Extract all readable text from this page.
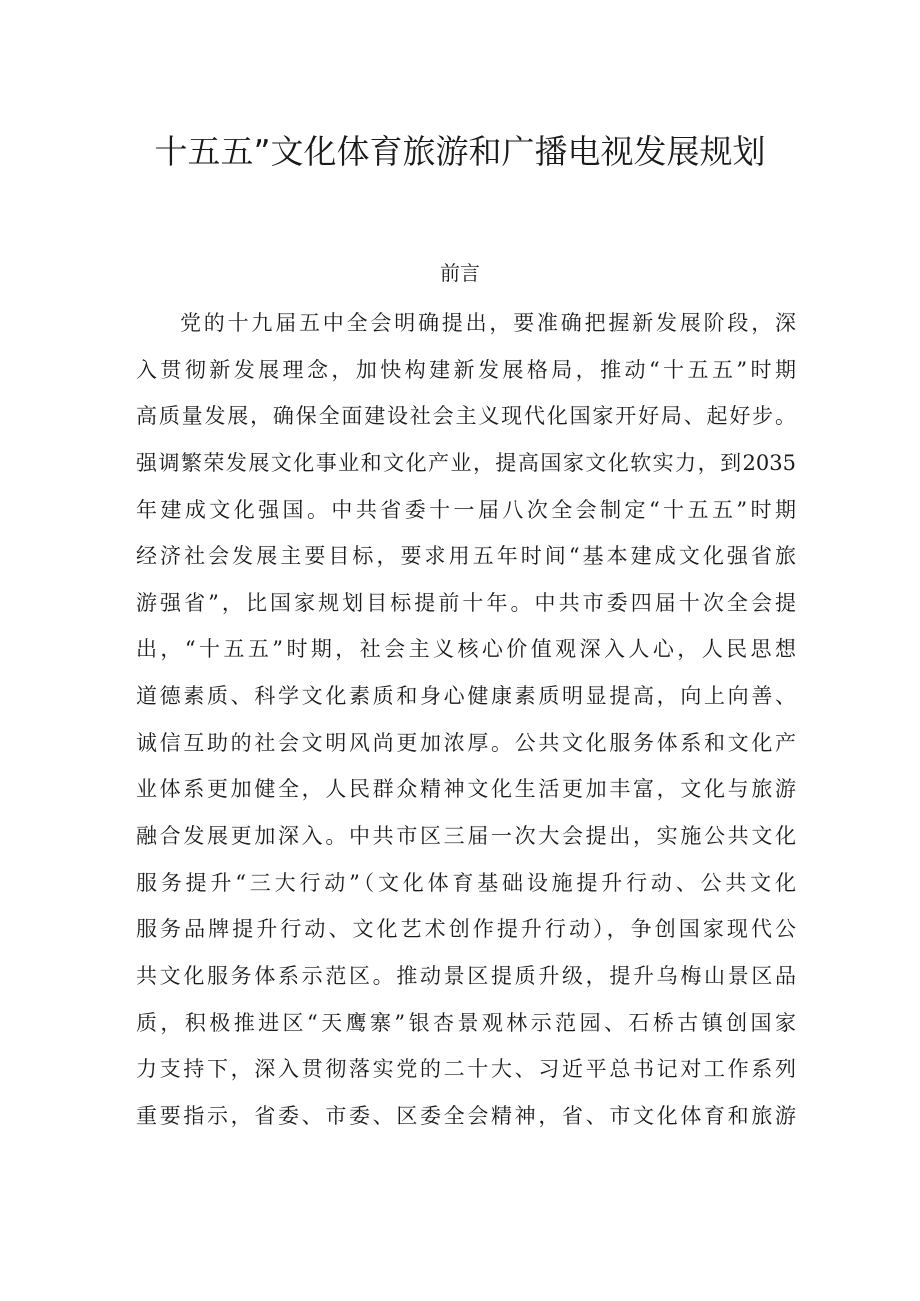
十五五”文化体育旅游和广播电视发展规划
前言
党的十九届五中全会明确提出，要准确把握新发展阶段，深
入贯彻新发展理念，加快构建新发展格局，推动“十五五”时期
高质量发展，确保全面建设社会主义现代化国家开好局、起好步。
强调繁荣发展文化事业和文化产业，提高国家文化软实力，到2035
年建成文化强国。中共省委十一届八次全会制定“十五五”时期
经济社会发展主要目标，要求用五年时间“基本建成文化强省旅
游强省”，比国家规划目标提前十年。中共市委四届十次全会提
出，“十五五”时期，社会主义核心价值观深入人心，人民思想
道德素质、科学文化素质和身心健康素质明显提高，向上向善、
诚信互助的社会文明风尚更加浓厚。公共文化服务体系和文化产
业体系更加健全，人民群众精神文化生活更加丰富，文化与旅游
融合发展更加深入。中共市区三届一次大会提出，实施公共文化
服务提升“三大行动”（文化体育基础设施提升行动、公共文化
服务品牌提升行动、文化艺术创作提升行动），争创国家现代公
共文化服务体系示范区。推动景区提质升级，提升乌梅山景区品
质，积极推进区“天鹰寨”银杏景观林示范园、石桥古镇创国家
力支持下，深入贯彻落实党的二十大、习近平总书记对工作系列
重要指示，省委、市委、区委全会精神，省、市文化体育和旅游
